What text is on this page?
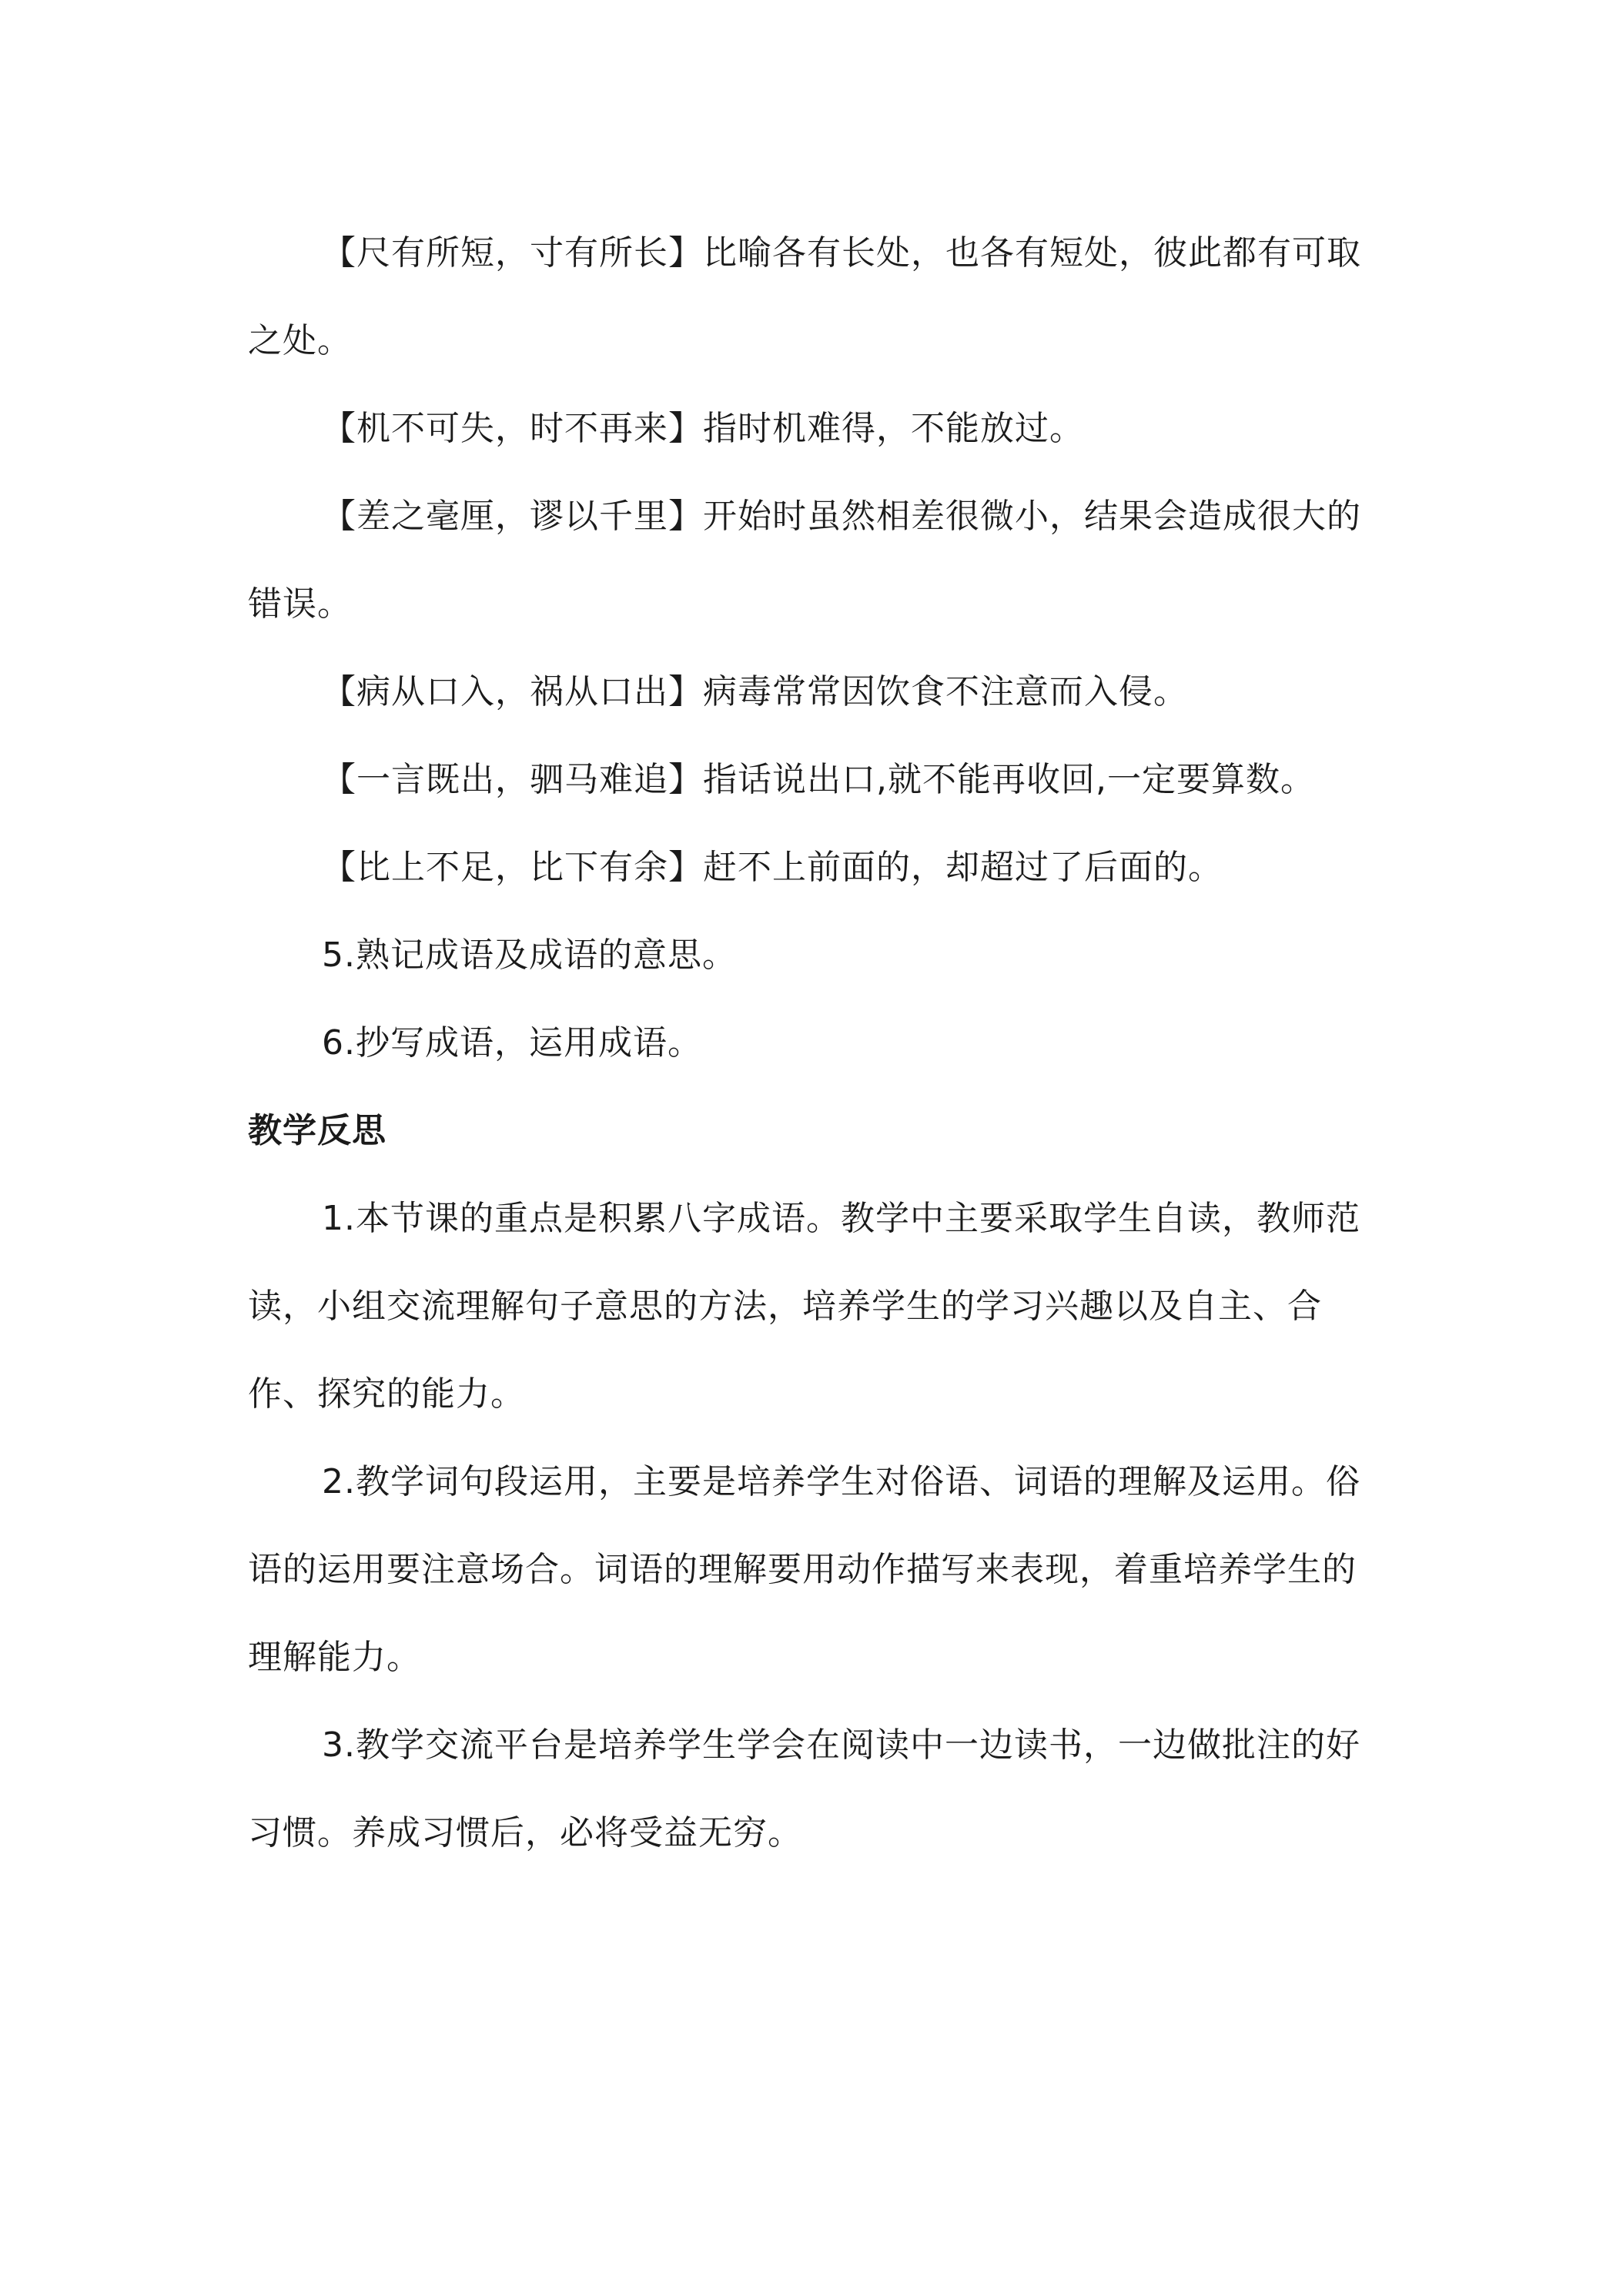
【尺有所短，寸有所长】比喻各有长处，也各有短处，彼此都有可取之处。

【机不可失，时不再来】指时机难得，不能放过。

【差之毫厘，谬以千里】开始时虽然相差很微小，结果会造成很大的错误。

【病从口入，祸从口出】病毒常常因饮食不注意而入侵。

【一言既出，驷马难追】指话说出口,就不能再收回,一定要算数。

【比上不足，比下有余】赶不上前面的，却超过了后面的。

5.熟记成语及成语的意思。

6.抄写成语，运用成语。

教学反思

1.本节课的重点是积累八字成语。教学中主要采取学生自读，教师范读，小组交流理解句子意思的方法，培养学生的学习兴趣以及自主、合作、探究的能力。

2.教学词句段运用，主要是培养学生对俗语、词语的理解及运用。俗语的运用要注意场合。词语的理解要用动作描写来表现，着重培养学生的理解能力。

3.教学交流平台是培养学生学会在阅读中一边读书，一边做批注的好习惯。养成习惯后，必将受益无穷。
